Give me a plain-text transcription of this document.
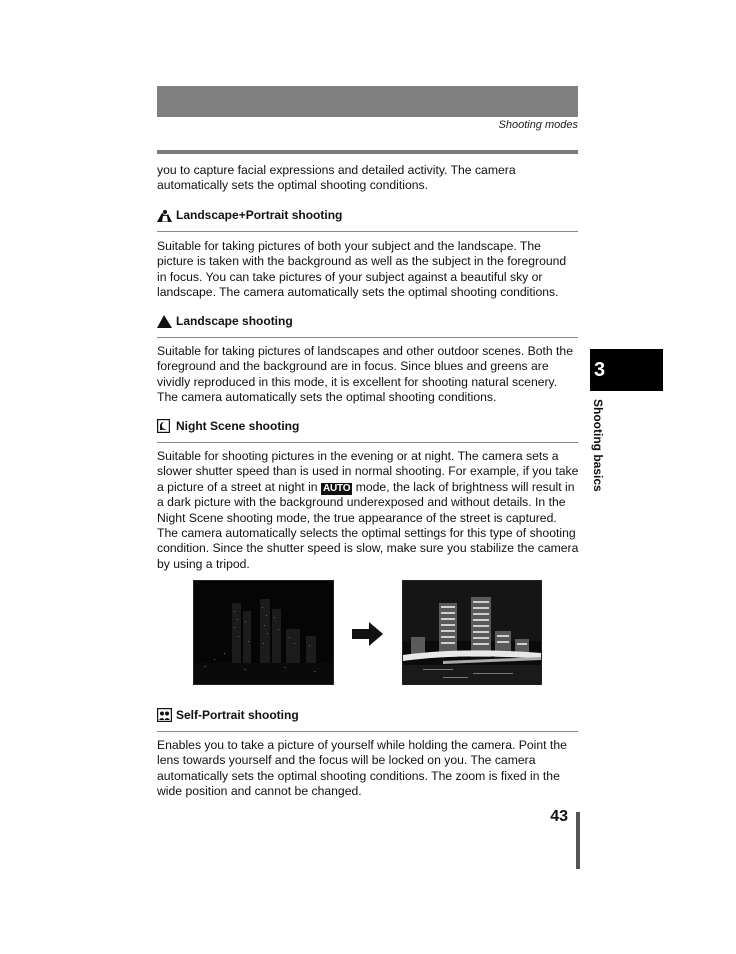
Shooting modes
you to capture facial expressions and detailed activity. The camera automatically sets the optimal shooting conditions.
Landscape+Portrait shooting
Suitable for taking pictures of both your subject and the landscape. The picture is taken with the background as well as the subject in the foreground in focus. You can take pictures of your subject against a beautiful sky or landscape. The camera automatically sets the optimal shooting conditions.
Landscape shooting
Suitable for taking pictures of landscapes and other outdoor scenes. Both the foreground and the background are in focus. Since blues and greens are vividly reproduced in this mode, it is excellent for shooting natural scenery. The camera automatically sets the optimal shooting conditions.
Night Scene shooting
Suitable for shooting pictures in the evening or at night. The camera sets a slower shutter speed than is used in normal shooting. For example, if you take a picture of a street at night in AUTO mode, the lack of brightness will result in a dark picture with the background underexposed and without details. In the Night Scene shooting mode, the true appearance of the street is captured. The camera automatically selects the optimal settings for this type of shooting condition. Since the shutter speed is slow, make sure you stabilize the camera by using a tripod.
Self-Portrait shooting
Enables you to take a picture of yourself while holding the camera. Point the lens towards yourself and the focus will be locked on you. The camera automatically sets the optimal shooting conditions. The zoom is fixed in the wide position and cannot be changed.
3
Shooting basics
43
